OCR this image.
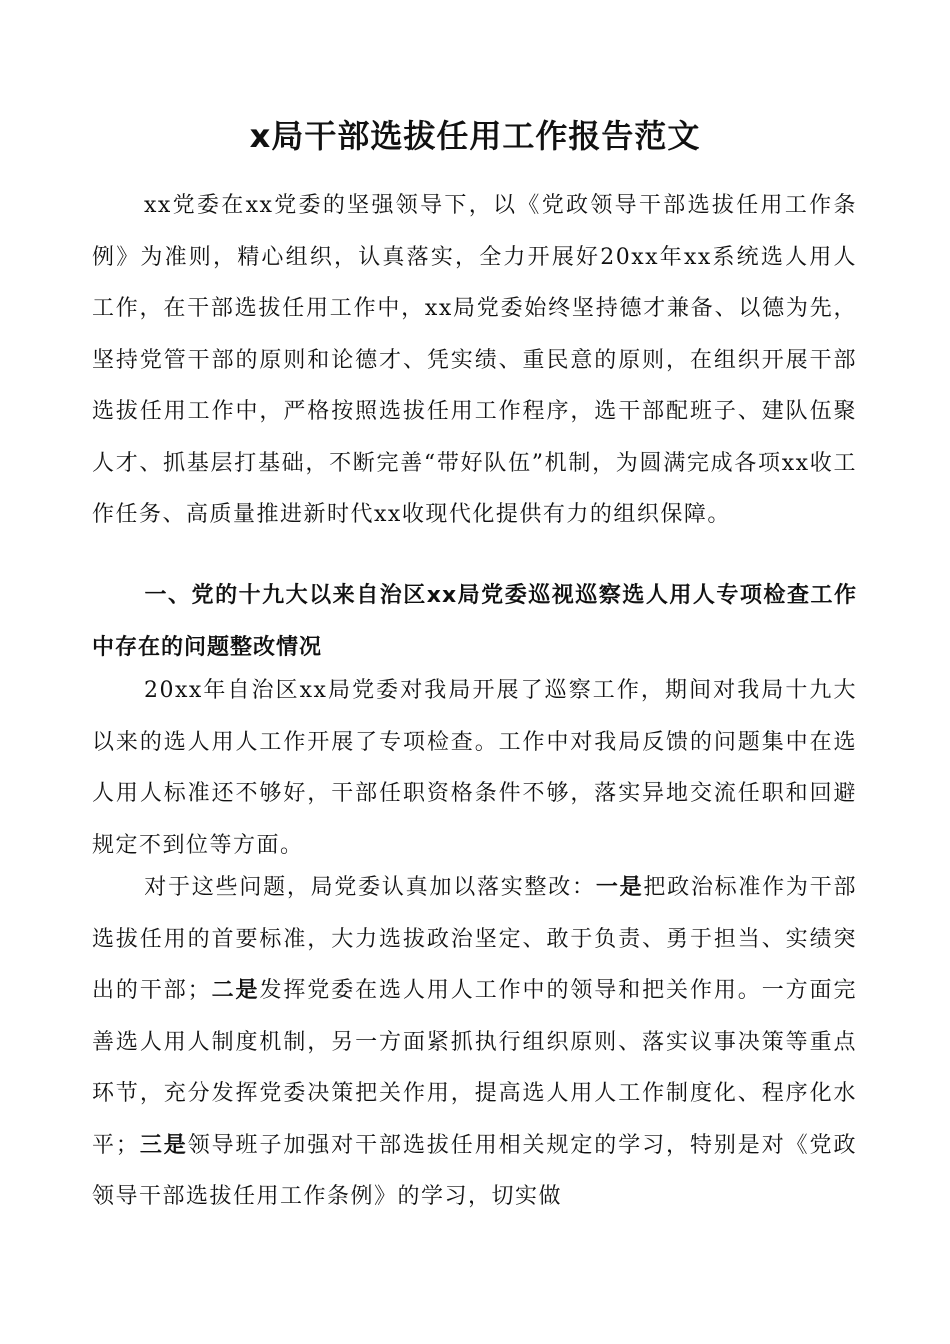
x局干部选拔任用工作报告范文

xx党委在xx党委的坚强领导下，以《党政领导干部选拔任用工作条例》为准则，精心组织，认真落实，全力开展好20xx年xx系统选人用人工作，在干部选拔任用工作中，xx局党委始终坚持德才兼备、以德为先，坚持党管干部的原则和论德才、凭实绩、重民意的原则，在组织开展干部选拔任用工作中，严格按照选拔任用工作程序，选干部配班子、建队伍聚人才、抓基层打基础，不断完善“带好队伍”机制，为圆满完成各项xx收工作任务、高质量推进新时代xx收现代化提供有力的组织保障。

一、党的十九大以来自治区xx局党委巡视巡察选人用人专项检查工作中存在的问题整改情况

20xx年自治区xx局党委对我局开展了巡察工作，期间对我局十九大以来的选人用人工作开展了专项检查。工作中对我局反馈的问题集中在选人用人标准还不够好，干部任职资格条件不够，落实异地交流任职和回避规定不到位等方面。

对于这些问题，局党委认真加以落实整改：一是把政治标准作为干部选拔任用的首要标准，大力选拔政治坚定、敢于负责、勇于担当、实绩突出的干部；二是发挥党委在选人用人工作中的领导和把关作用。一方面完善选人用人制度机制，另一方面紧抓执行组织原则、落实议事决策等重点环节，充分发挥党委决策把关作用，提高选人用人工作制度化、程序化水平；三是领导班子加强对干部选拔任用相关规定的学习，特别是对《党政领导干部选拔任用工作条例》的学习，切实做
